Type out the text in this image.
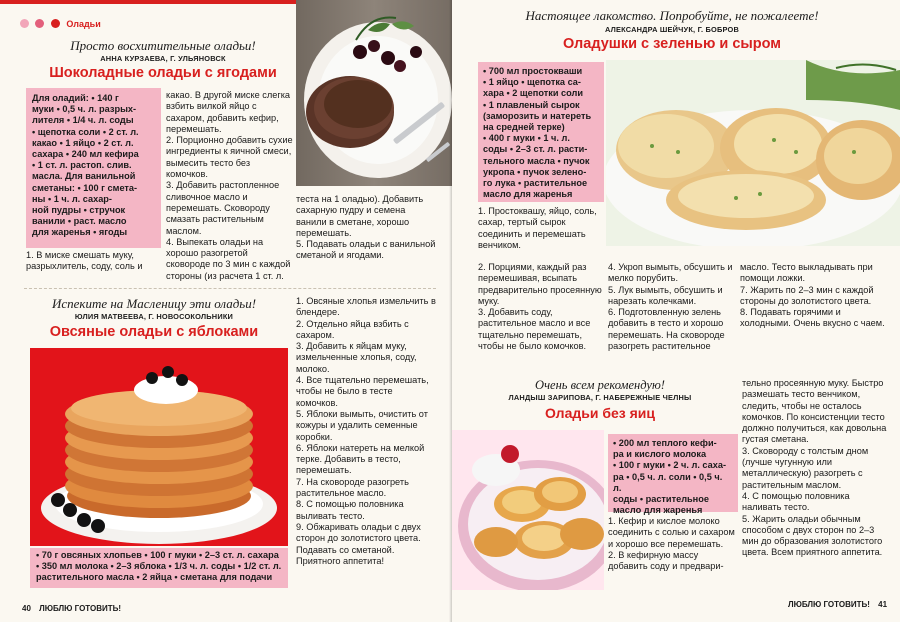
Оладьи
Просто восхитительные оладьи!
АННА КУРЗАЕВА, Г. УЛЬЯНОВСК
Шоколадные оладьи с ягодами
Для оладий: • 140 г
муки • 0,5 ч. л. разрых-
лителя • 1/4 ч. л. соды
• щепотка соли • 2 ст. л.
какао • 1 яйцо • 2 ст. л.
сахара • 240 мл кефира
• 1 ст. л. растоп. слив.
масла. Для ванильной
сметаны: • 100 г смета-
ны • 1 ч. л. сахар-
ной пудры • стручок
ванили • раст. масло
для жаренья • ягоды
1. В миске смешать муку, разрыхлитель, соду, соль и
какао. В другой миске слегка взбить вилкой яйцо с сахаром, добавить кефир, перемешать.
2. Порционно добавить сухие ингредиенты к яичной смеси, вымесить тесто без комочков.
3. Добавить растопленное сливочное масло и перемешать. Сковороду смазать растительным маслом.
4. Выпекать оладьи на хорошо разогретой сковороде по 3 мин с каждой стороны (из расчета 1 ст. л.
теста на 1 оладью). Добавить сахарную пудру и семена ванили в сметане, хорошо перемешать.
5. Подавать оладьи с ванильной сметаной и ягодами.
Испеките на Масленицу эти оладьи!
ЮЛИЯ МАТВЕЕВА, Г. НОВОСОКОЛЬНИКИ
Овсяные оладьи с яблоками
• 70 г овсяных хлопьев • 100 г муки • 2–3 ст. л. сахара
• 350 мл молока • 2–3 яблока • 1/3 ч. л. соды • 1/2 ст. л.
растительного масла • 2 яйца • сметана для подачи
1. Овсяные хлопья измельчить в блендере.
2. Отдельно яйца взбить с сахаром.
3. Добавить к яйцам муку, измельченные хлопья, соду, молоко.
4. Все тщательно перемешать, чтобы не было в тесте комочков.
5. Яблоки вымыть, очистить от кожуры и удалить семенные коробки.
6. Яблоки натереть на мелкой терке. Добавить в тесто, перемешать.
7. На сковороде разогреть растительное масло.
8. С помощью половника выливать тесто.
9. Обжаривать оладьи с двух сторон до золотистого цвета. Подавать со сметаной. Приятного аппетита!
40 ЛЮБЛЮ ГОТОВИТЬ!
Настоящее лакомство. Попробуйте, не пожалеете!
АЛЕКСАНДРА ШЕЙЧУК, Г. БОБРОВ
Оладушки с зеленью и сыром
• 700 мл простокваши
• 1 яйцо • щепотка са-
хара • 2 щепотки соли
• 1 плавленый сырок
(заморозить и натереть
на средней терке)
• 400 г муки • 1 ч. л.
соды • 2–3 ст. л. расти-
тельного масла • пучок
укропа • пучок зелено-
го лука • растительное
масло для жаренья
1. Простоквашу, яйцо, соль, сахар, тертый сырок соединить и перемешать венчиком.
2. Порциями, каждый раз перемешивая, всыпать предварительно просеянную муку.
3. Добавить соду, растительное масло и все тщательно перемешать, чтобы не было комочков.
4. Укроп вымыть, обсушить и мелко порубить.
5. Лук вымыть, обсушить и нарезать колечками.
6. Подготовленную зелень добавить в тесто и хорошо перемешать. На сковороде разогреть растительное
масло. Тесто выкладывать при помощи ложки.
7. Жарить по 2–3 мин с каждой стороны до золотистого цвета.
8. Подавать горячими и холодными. Очень вкусно с чаем.
Очень всем рекомендую!
ЛАНДЫШ ЗАРИПОВА, Г. НАБЕРЕЖНЫЕ ЧЕЛНЫ
Оладьи без яиц
• 200 мл теплого кефи-
ра и кислого молока
• 100 г муки • 2 ч. л. саха-
ра • 0,5 ч. л. соли • 0,5 ч. л.
соды • растительное
масло для жаренья
1. Кефир и кислое молоко соединить с солью и сахаром и хорошо все перемешать.
2. В кефирную массу добавить соду и предвари-
тельно просеянную муку. Быстро размешать тесто венчиком, следить, чтобы не осталось комочков. По консистенции тесто должно получиться, как довольна густая сметана.
3. Сковороду с толстым дном (лучше чугунную или металлическую) разогреть с растительным маслом.
4. С помощью половника наливать тесто.
5. Жарить оладьи обычным способом с двух сторон по 2–3 мин до образования золотистого цвета. Всем приятного аппетита.
ЛЮБЛЮ ГОТОВИТЬ! 41
